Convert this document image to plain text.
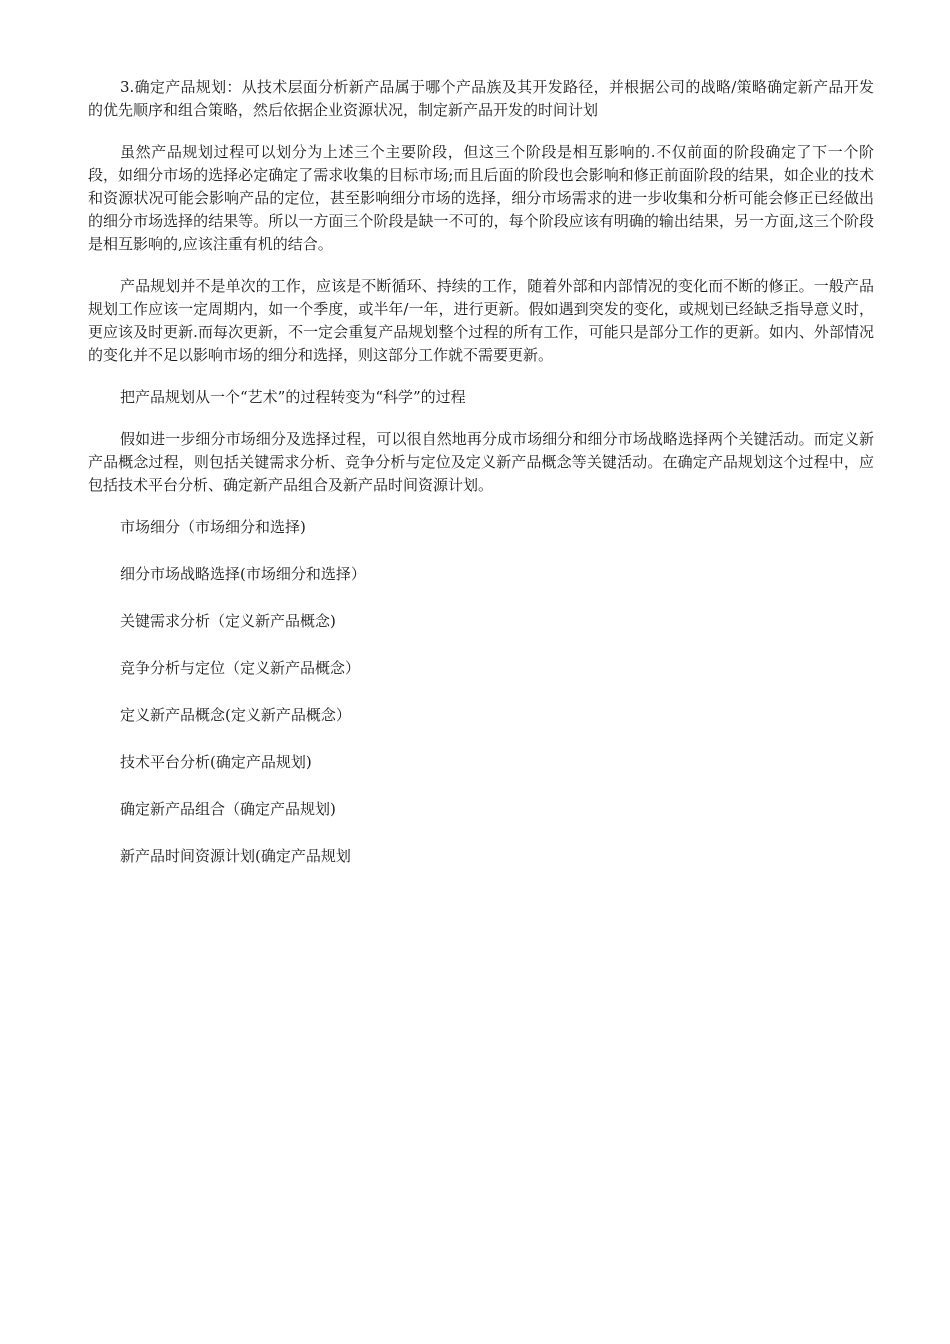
3.确定产品规划：从技术层面分析新产品属于哪个产品族及其开发路径，并根据公司的战略/策略确定新产品开发的优先顺序和组合策略，然后依据企业资源状况，制定新产品开发的时间计划

虽然产品规划过程可以划分为上述三个主要阶段，但这三个阶段是相互影响的.不仅前面的阶段确定了下一个阶段，如细分市场的选择必定确定了需求收集的目标市场;而且后面的阶段也会影响和修正前面阶段的结果，如企业的技术和资源状况可能会影响产品的定位，甚至影响细分市场的选择，细分市场需求的进一步收集和分析可能会修正已经做出的细分市场选择的结果等。所以一方面三个阶段是缺一不可的，每个阶段应该有明确的输出结果，另一方面,这三个阶段是相互影响的,应该注重有机的结合。

产品规划并不是单次的工作，应该是不断循环、持续的工作，随着外部和内部情况的变化而不断的修正。一般产品规划工作应该一定周期内，如一个季度，或半年/一年，进行更新。假如遇到突发的变化，或规划已经缺乏指导意义时，更应该及时更新.而每次更新，不一定会重复产品规划整个过程的所有工作，可能只是部分工作的更新。如内、外部情况的变化并不足以影响市场的细分和选择，则这部分工作就不需要更新。

把产品规划从一个“艺术”的过程转变为“科学”的过程

假如进一步细分市场细分及选择过程，可以很自然地再分成市场细分和细分市场战略选择两个关键活动。而定义新产品概念过程，则包括关键需求分析、竞争分析与定位及定义新产品概念等关键活动。在确定产品规划这个过程中，应包括技术平台分析、确定新产品组合及新产品时间资源计划。

市场细分（市场细分和选择)
细分市场战略选择(市场细分和选择）
关键需求分析（定义新产品概念)
竞争分析与定位（定义新产品概念）
定义新产品概念(定义新产品概念）
技术平台分析(确定产品规划)
确定新产品组合（确定产品规划)
新产品时间资源计划(确定产品规划
